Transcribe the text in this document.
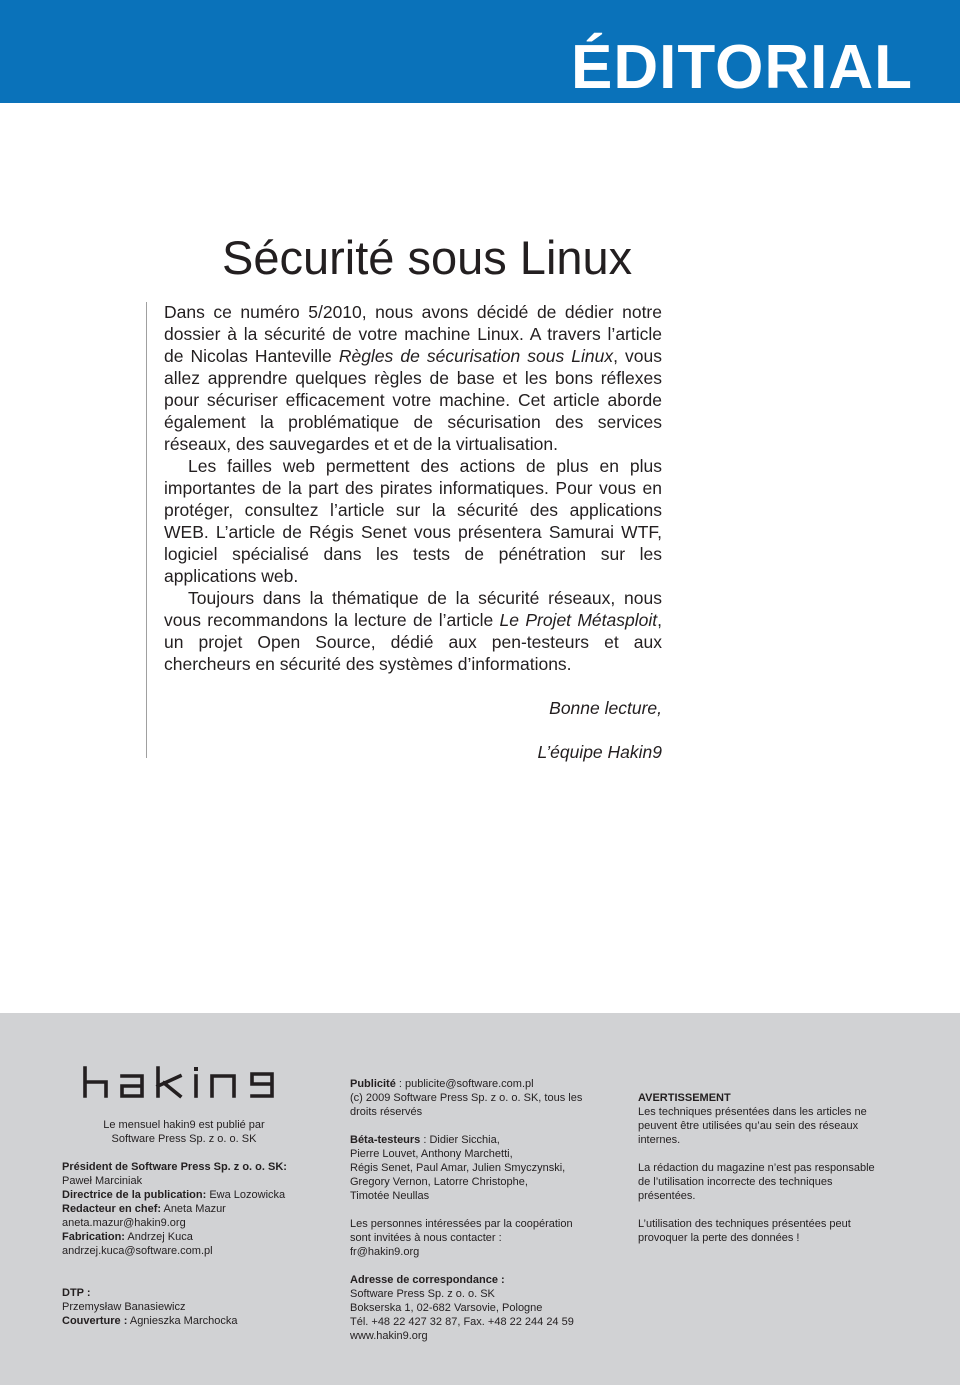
ÉDITORIAL
Sécurité sous Linux

Dans ce numéro 5/2010, nous avons décidé de dédier notre dossier à la sécurité de votre machine Linux. A travers l’article de Nicolas Hanteville Règles de sécurisation sous Linux, vous allez apprendre quelques règles de base et les bons réflexes pour sécuriser efficacement votre machine. Cet article aborde également la problématique de sécurisation des services réseaux, des sauvegardes et et de la virtualisation.

Les failles web permettent des actions de plus en plus importantes de la part des pirates informatiques. Pour vous en protéger, consultez l’article sur la sécurité des applications WEB. L’article de Régis Senet vous présentera Samurai WTF, logiciel spécialisé dans les tests de pénétration sur les applications web.

Toujours dans la thématique de la sécurité réseaux, nous vous recommandons la lecture de l’article Le Projet Métasploit, un projet Open Source, dédié aux pen-testeurs et aux chercheurs en sécurité des systèmes d’informations.

Bonne lecture,

L’équipe Hakin9

Le mensuel hakin9 est publié par

Software Press Sp. z o. o. SK

Président de Software Press Sp. z o. o. SK:

Paweł Marciniak

Directrice de la publication: Ewa Lozowicka

Redacteur en chef: Aneta Mazur

aneta.mazur@hakin9.org

Fabrication: Andrzej Kuca

andrzej.kuca@software.com.pl

DTP :

Przemysław Banasiewicz

Couverture : Agnieszka Marchocka

Publicité : publicite@software.com.pl

(c) 2009 Software Press Sp. z o. o. SK, tous les

droits réservés

Béta-testeurs : Didier Sicchia,

Pierre Louvet, Anthony Marchetti,

Régis Senet, Paul Amar, Julien Smyczynski,

Gregory Vernon, Latorre Christophe,

Timotée Neullas

Les personnes intéressées par la coopération

sont invitées à nous contacter :

fr@hakin9.org

Adresse de correspondance :

Software Press Sp. z o. o. SK

Bokserska 1, 02-682 Varsovie, Pologne

Tél. +48 22 427 32 87, Fax. +48 22 244 24 59

www.hakin9.org

AVERTISSEMENT

Les techniques présentées dans les articles ne

peuvent être utilisées qu’au sein des réseaux

internes.

La rédaction du magazine n’est pas responsable

de l’utilisation incorrecte des techniques

présentées.

L’utilisation des techniques présentées peut

provoquer la perte des données !
